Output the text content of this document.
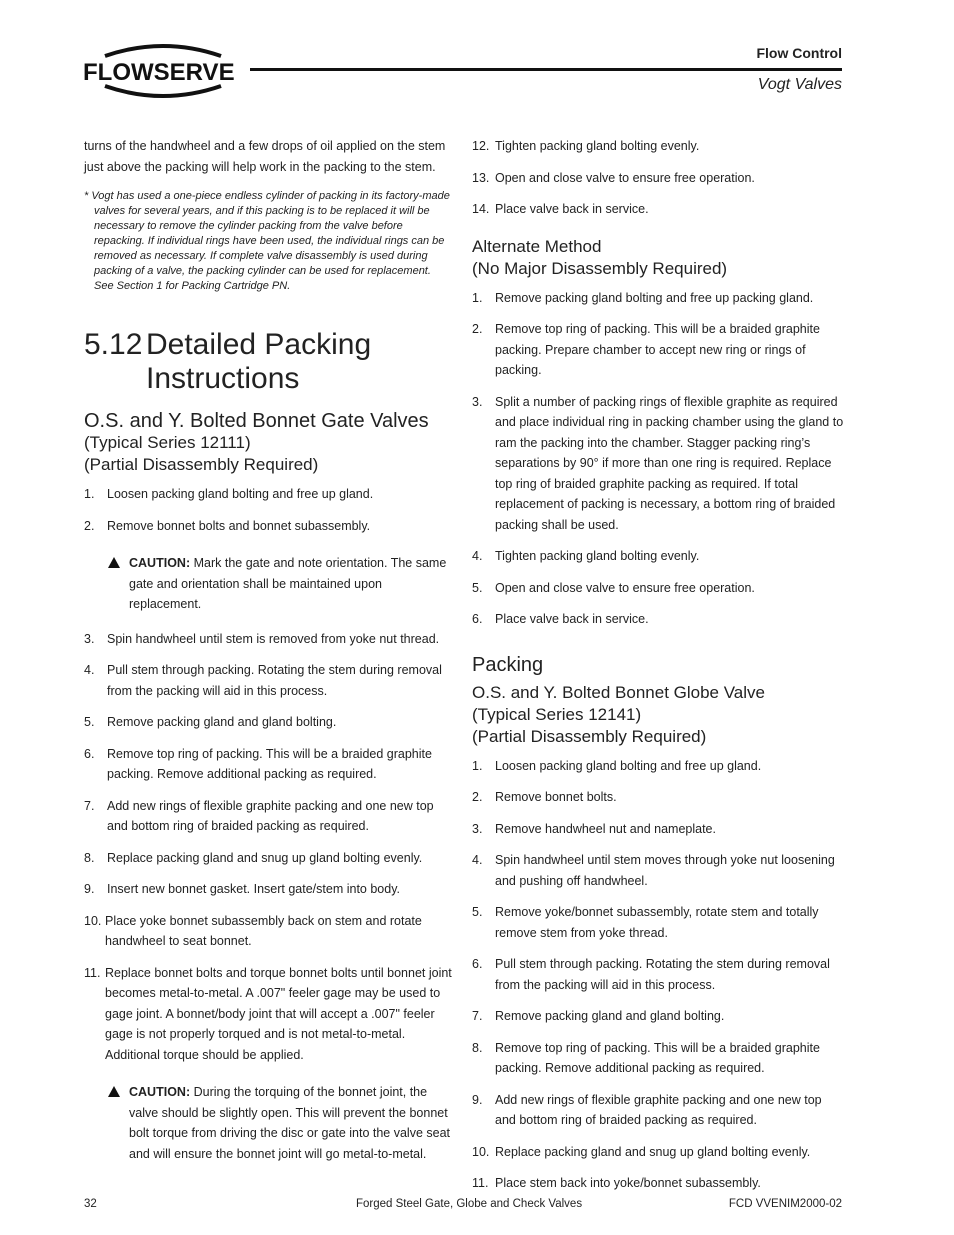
FLOWSERVE
Flow Control
Vogt Valves

turns of the handwheel and a few drops of oil applied on the stem just above the packing will help work in the packing to the stem.

* Vogt has used a one-piece endless cylinder of packing in its factory-made valves for several years, and if this packing is to be replaced it will be necessary to remove the cylinder packing from the valve before repacking. If individual rings have been used, the individual rings can be removed as necessary. If complete valve disassembly is used during packing of a valve, the packing cylinder can be used for replacement. See Section 1 for Packing Cartridge PN.

5.12 Detailed Packing Instructions
O.S. and Y. Bolted Bonnet Gate Valves
(Typical Series 12111)
(Partial Disassembly Required)
1.	Loosen packing gland bolting and free up gland.
2.	Remove bonnet bolts and bonnet subassembly.
CAUTION: Mark the gate and note orientation. The same gate and orientation shall be maintained upon replacement.
3.	Spin handwheel until stem is removed from yoke nut thread.
4.	Pull stem through packing. Rotating the stem during removal from the packing will aid in this process.
5.	Remove packing gland and gland bolting.
6.	Remove top ring of packing. This will be a braided graphite packing. Remove additional packing as required.
7.	Add new rings of flexible graphite packing and one new top and bottom ring of braided packing as required.
8.	Replace packing gland and snug up gland bolting evenly.
9.	Insert new bonnet gasket. Insert gate/stem into body.
10. Place yoke bonnet subassembly back on stem and rotate handwheel to seat bonnet.
11. Replace bonnet bolts and torque bonnet bolts until bonnet joint becomes metal-to-metal. A .007" feeler gage may be used to gage joint. A bonnet/body joint that will accept a .007" feeler gage is not properly torqued and is not metal-to-metal. Additional torque should be applied.
CAUTION: During the torquing of the bonnet joint, the valve should be slightly open. This will prevent the bonnet bolt torque from driving the disc or gate into the valve seat and will ensure the bonnet joint will go metal-to-metal.
12. Tighten packing gland bolting evenly.
13. Open and close valve to ensure free operation.
14. Place valve back in service.
Alternate Method
(No Major Disassembly Required)
1.	Remove packing gland bolting and free up packing gland.
2.	Remove top ring of packing. This will be a braided graphite packing. Prepare chamber to accept new ring or rings of packing.
3.	Split a number of packing rings of flexible graphite as required and place individual ring in packing chamber using the gland to ram the packing into the chamber. Stagger packing ring’s separations by 90° if more than one ring is required. Replace top ring of braided graphite packing as required. If total replacement of packing is necessary, a bottom ring of braided packing shall be used.
4.	Tighten packing gland bolting evenly.
5.	Open and close valve to ensure free operation.
6.	Place valve back in service.
Packing
O.S. and Y. Bolted Bonnet Globe Valve
(Typical Series 12141)
(Partial Disassembly Required)
1.	Loosen packing gland bolting and free up gland.
2.	Remove bonnet bolts.
3.	Remove handwheel nut and nameplate.
4.	Spin handwheel until stem moves through yoke nut loosening and pushing off handwheel.
5.	Remove yoke/bonnet subassembly, rotate stem and totally remove stem from yoke thread.
6.	Pull stem through packing. Rotating the stem during removal from the packing will aid in this process.
7.	Remove packing gland and gland bolting.
8.	Remove top ring of packing. This will be a braided graphite packing. Remove additional packing as required.
9.	Add new rings of flexible graphite packing and one new top and bottom ring of braided packing as required.
10. Replace packing gland and snug up gland bolting evenly.
11. Place stem back into yoke/bonnet subassembly.
32	Forged Steel Gate, Globe and Check Valves	FCD VVENIM2000-02
